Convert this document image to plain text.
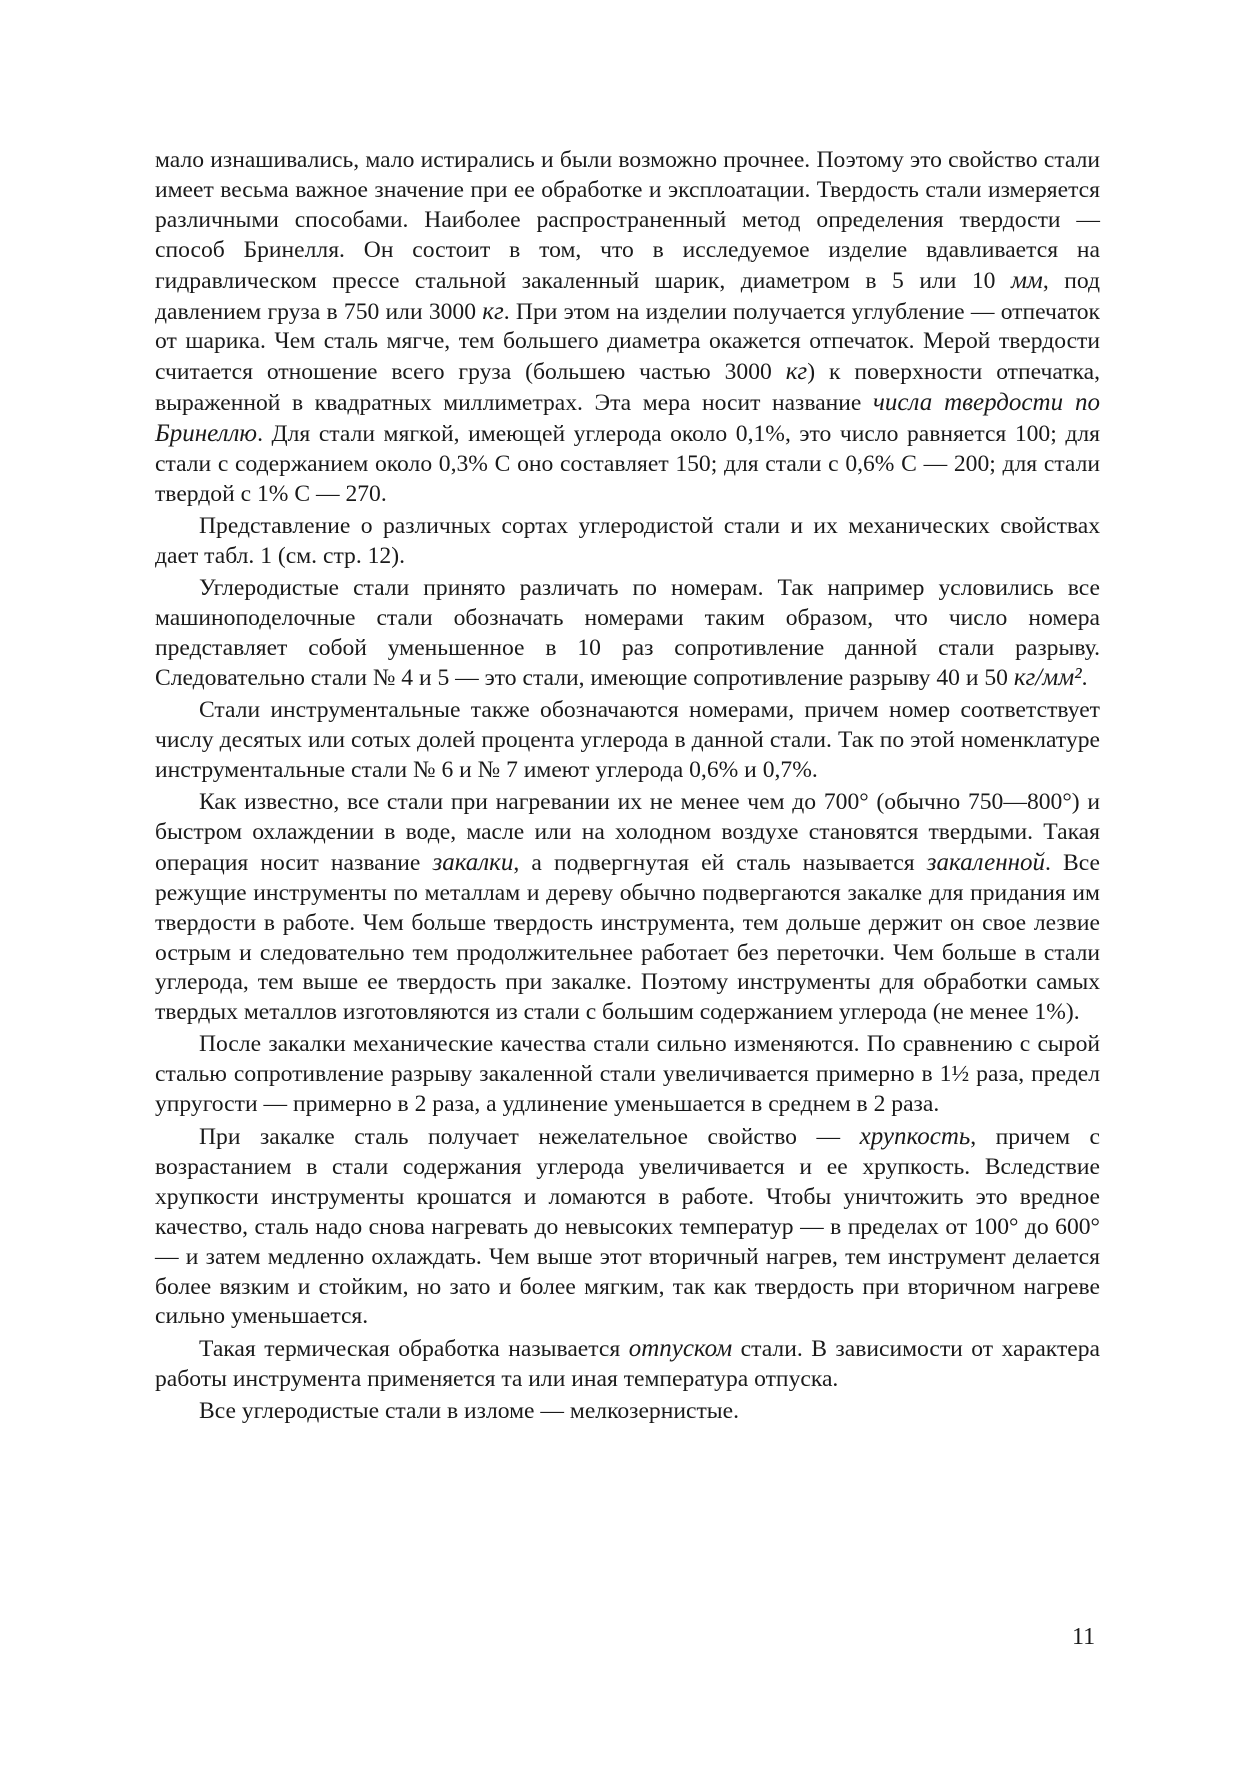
мало изнашивались, мало истирались и были возможно прочнее. Поэтому это свойство стали имеет весьма важное значение при ее обработке и эксплоатации. Твердость стали измеряется различными способами. Наиболее распространенный метод определения твердости — способ Бринелля. Он состоит в том, что в исследуемое изделие вдавливается на гидравлическом прессе стальной закаленный шарик, диаметром в 5 или 10 мм, под давлением груза в 750 или 3000 кг. При этом на изделии получается углубление — отпечаток от шарика. Чем сталь мягче, тем большего диаметра окажется отпечаток. Мерой твердости считается отношение всего груза (большею частью 3000 кг) к поверхности отпечатка, выраженной в квадратных миллиметрах. Эта мера носит название числа твердости по Бринеллю. Для стали мягкой, имеющей углерода около 0,1%, это число равняется 100; для стали с содержанием около 0,3% С оно составляет 150; для стали с 0,6% С — 200; для стали твердой с 1% С — 270.

Представление о различных сортах углеродистой стали и их механических свойствах дает табл. 1 (см. стр. 12).

Углеродистые стали принято различать по номерам. Так например условились все машиноподелочные стали обозначать номерами таким образом, что число номера представляет собой уменьшенное в 10 раз сопротивление данной стали разрыву. Следовательно стали № 4 и 5 — это стали, имеющие сопротивление разрыву 40 и 50 кг/мм².

Стали инструментальные также обозначаются номерами, причем номер соответствует числу десятых или сотых долей процента углерода в данной стали. Так по этой номенклатуре инструментальные стали № 6 и № 7 имеют углерода 0,6% и 0,7%.

Как известно, все стали при нагревании их не менее чем до 700° (обычно 750—800°) и быстром охлаждении в воде, масле или на холодном воздухе становятся твердыми. Такая операция носит название закалки, а подвергнутая ей сталь называется закаленной. Все режущие инструменты по металлам и дереву обычно подвергаются закалке для придания им твердости в работе. Чем больше твердость инструмента, тем дольше держит он свое лезвие острым и следовательно тем продолжительнее работает без переточки. Чем больше в стали углерода, тем выше ее твердость при закалке. Поэтому инструменты для обработки самых твердых металлов изготовляются из стали с большим содержанием углерода (не менее 1%).

После закалки механические качества стали сильно изменяются. По сравнению с сырой сталью сопротивление разрыву закаленной стали увеличивается примерно в 1½ раза, предел упругости — примерно в 2 раза, а удлинение уменьшается в среднем в 2 раза.

При закалке сталь получает нежелательное свойство — хрупкость, причем с возрастанием в стали содержания углерода увеличивается и ее хрупкость. Вследствие хрупкости инструменты крошатся и ломаются в работе. Чтобы уничтожить это вредное качество, сталь надо снова нагревать до невысоких температур — в пределах от 100° до 600° — и затем медленно охлаждать. Чем выше этот вторичный нагрев, тем инструмент делается более вязким и стойким, но зато и более мягким, так как твердость при вторичном нагреве сильно уменьшается.

Такая термическая обработка называется отпуском стали. В зависимости от характера работы инструмента применяется та или иная температура отпуска.

Все углеродистые стали в изломе — мелкозернистые.

11
